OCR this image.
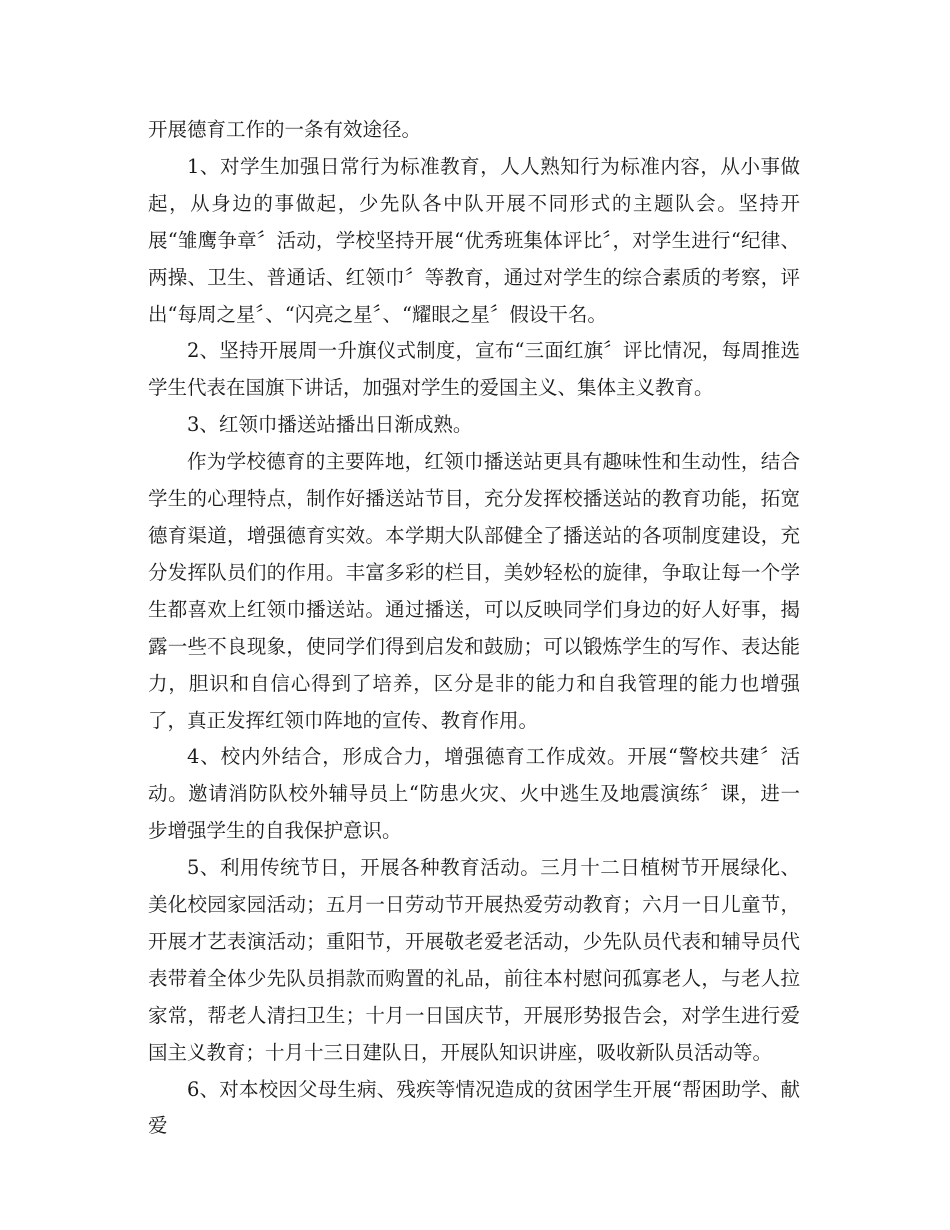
开展德育工作的一条有效途径。

1、对学生加强日常行为标准教育，人人熟知行为标准内容，从小事做起，从身边的事做起，少先队各中队开展不同形式的主题队会。坚持开展“雏鹰争章〞活动，学校坚持开展“优秀班集体评比〞，对学生进行“纪律、两操、卫生、普通话、红领巾〞等教育，通过对学生的综合素质的考察，评出“每周之星〞、“闪亮之星〞、“耀眼之星〞假设干名。

2、坚持开展周一升旗仪式制度，宣布“三面红旗〞评比情况，每周推选学生代表在国旗下讲话，加强对学生的爱国主义、集体主义教育。

3、红领巾播送站播出日渐成熟。

作为学校德育的主要阵地，红领巾播送站更具有趣味性和生动性，结合学生的心理特点，制作好播送站节目，充分发挥校播送站的教育功能，拓宽德育渠道，增强德育实效。本学期大队部健全了播送站的各项制度建设，充分发挥队员们的作用。丰富多彩的栏目，美妙轻松的旋律，争取让每一个学生都喜欢上红领巾播送站。通过播送，可以反映同学们身边的好人好事，揭露一些不良现象，使同学们得到启发和鼓励；可以锻炼学生的写作、表达能力，胆识和自信心得到了培养，区分是非的能力和自我管理的能力也增强了，真正发挥红领巾阵地的宣传、教育作用。

4、校内外结合，形成合力，增强德育工作成效。开展“警校共建〞活动。邀请消防队校外辅导员上“防患火灾、火中逃生及地震演练〞课，进一步增强学生的自我保护意识。

5、利用传统节日，开展各种教育活动。三月十二日植树节开展绿化、美化校园家园活动；五月一日劳动节开展热爱劳动教育；六月一日儿童节，开展才艺表演活动；重阳节，开展敬老爱老活动，少先队员代表和辅导员代表带着全体少先队员捐款而购置的礼品，前往本村慰问孤寡老人，与老人拉家常，帮老人清扫卫生；十月一日国庆节，开展形势报告会，对学生进行爱国主义教育；十月十三日建队日，开展队知识讲座，吸收新队员活动等。

6、对本校因父母生病、残疾等情况造成的贫困学生开展“帮困助学、献爱
